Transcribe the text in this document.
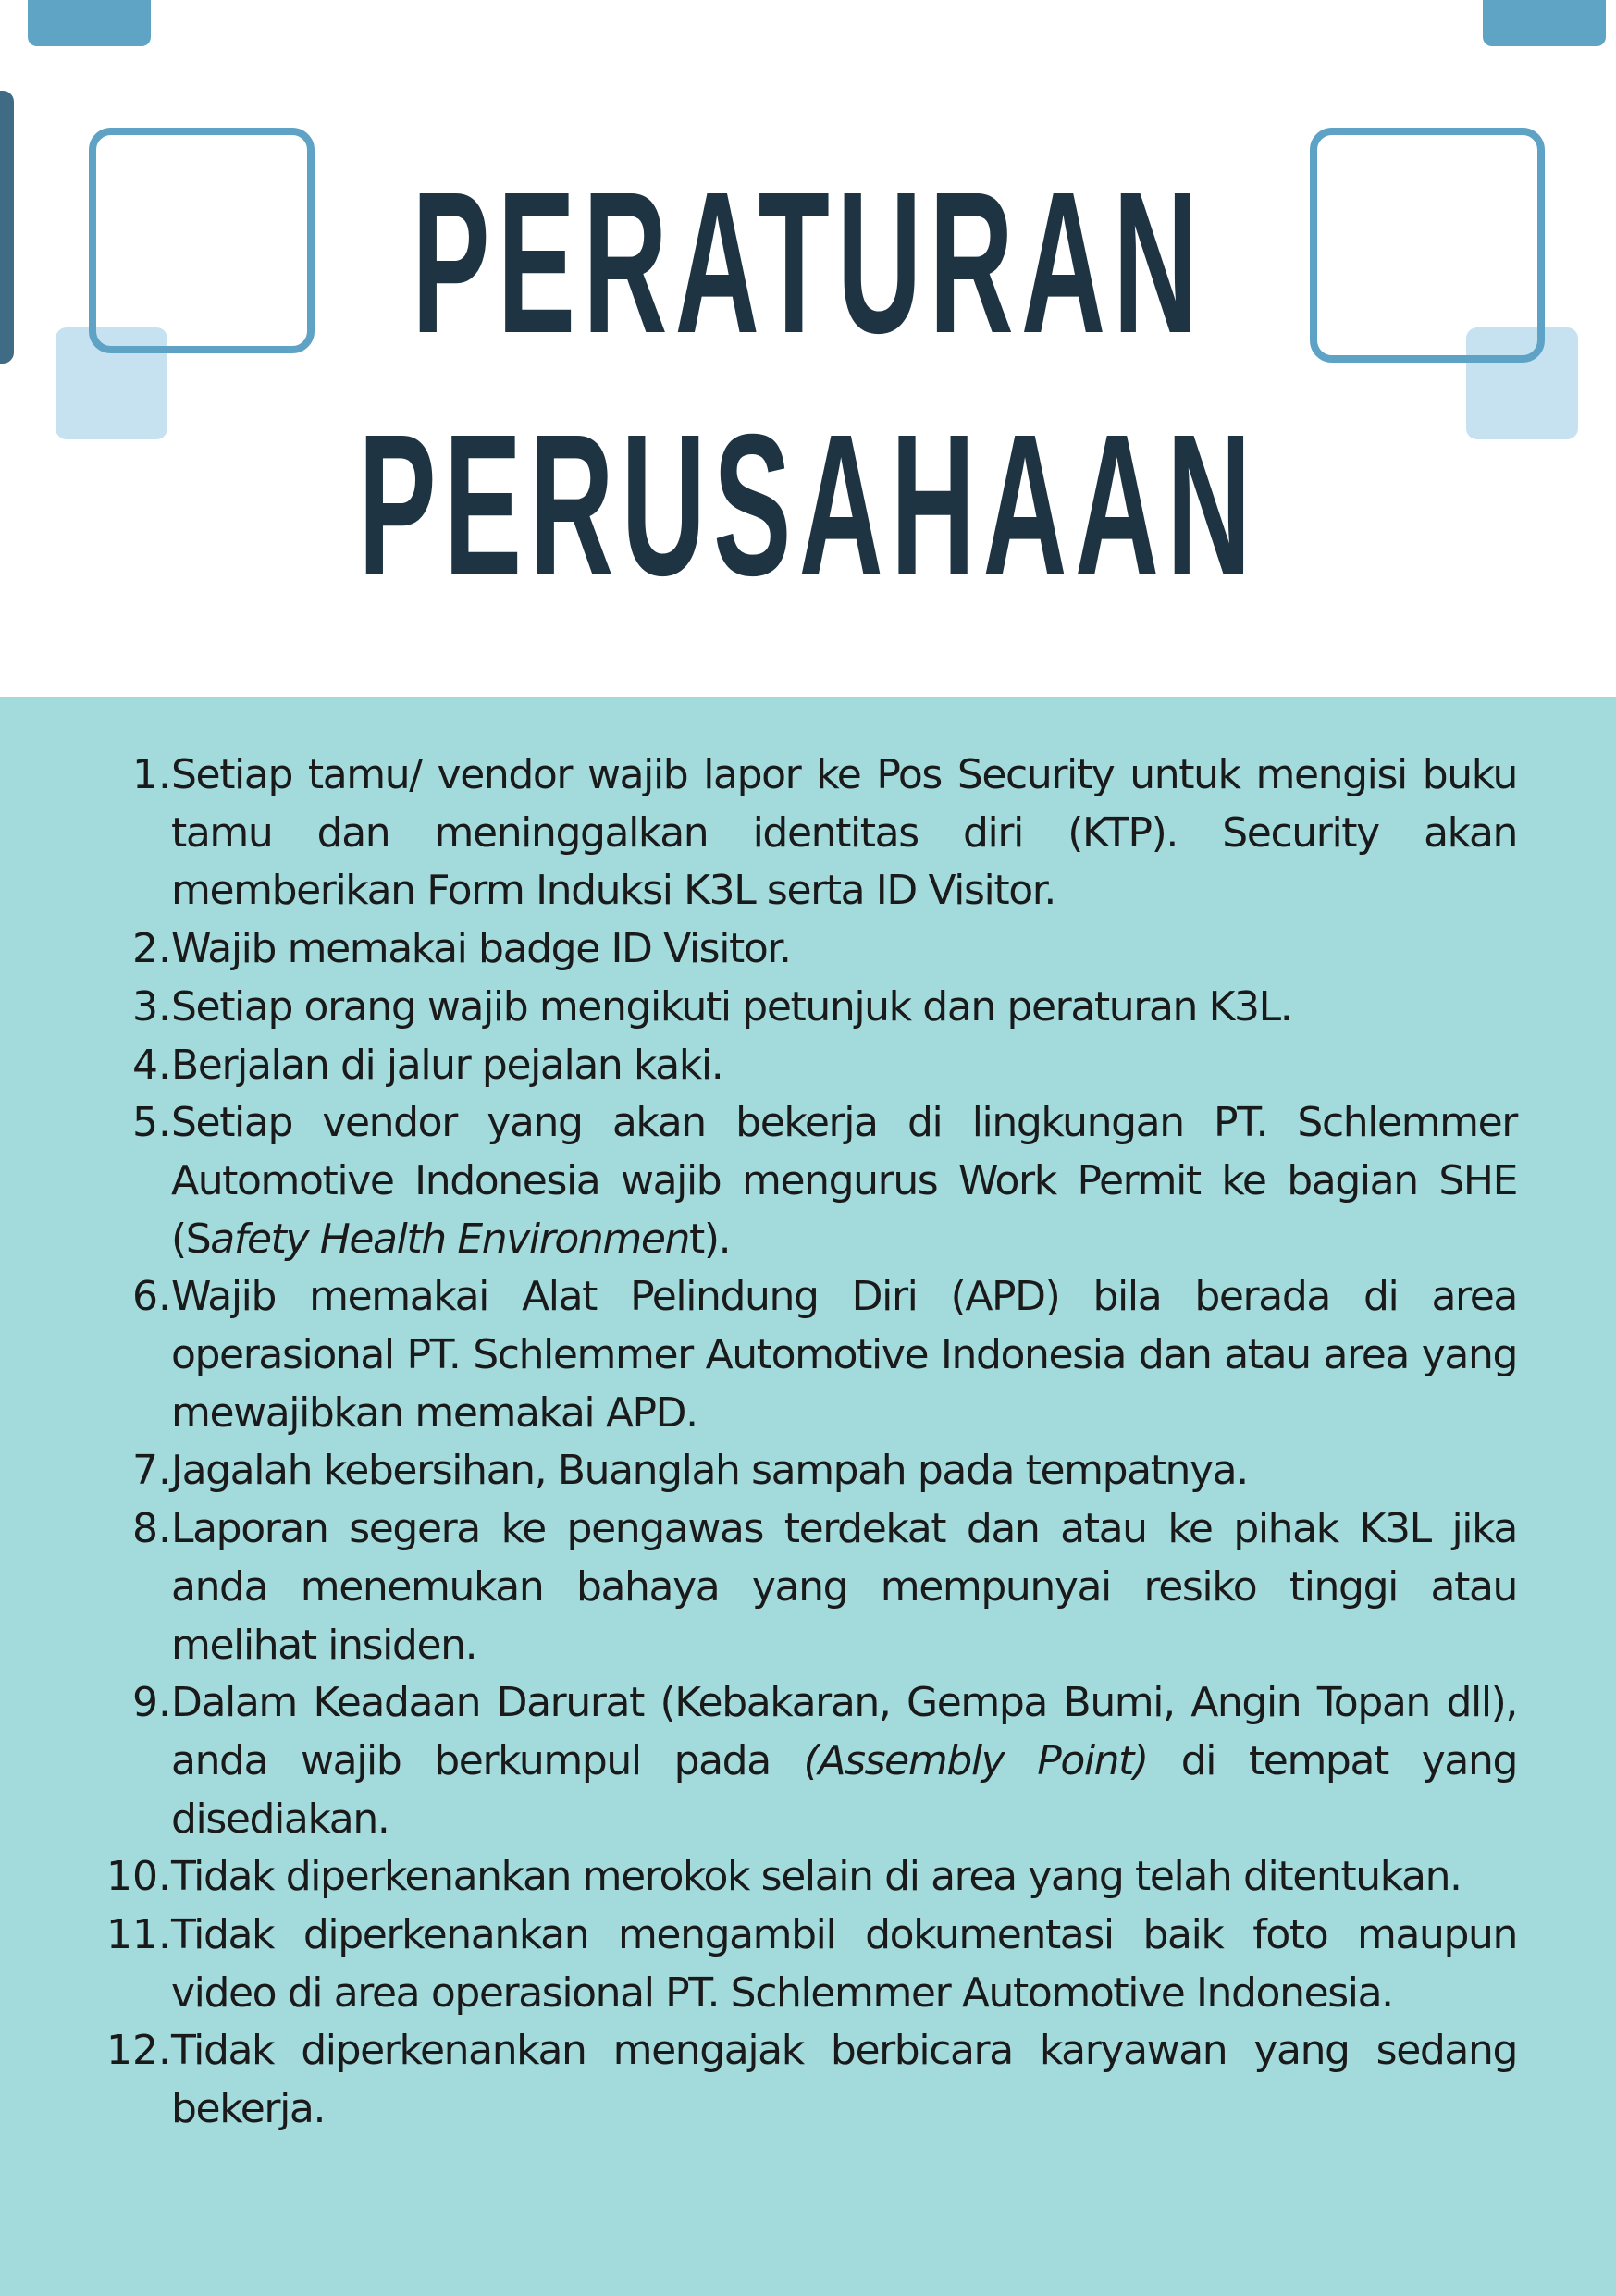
PERATURAN
PERUSAHAAN
1. Setiap tamu/ vendor wajib lapor ke Pos Security untuk mengisi buku tamu dan meninggalkan identitas diri (KTP). Security akan memberikan Form Induksi K3L serta ID Visitor.
2. Wajib memakai badge ID Visitor.
3. Setiap orang wajib mengikuti petunjuk dan peraturan K3L.
4. Berjalan di jalur pejalan kaki.
5. Setiap vendor yang akan bekerja di lingkungan PT. Schlemmer Automotive Indonesia wajib mengurus Work Permit ke bagian SHE (Safety Health Environment).
6. Wajib memakai Alat Pelindung Diri (APD) bila berada di area operasional PT. Schlemmer Automotive Indonesia dan atau area yang mewajibkan memakai APD.
7. Jagalah kebersihan, Buanglah sampah pada tempatnya.
8. Laporan segera ke pengawas terdekat dan atau ke pihak K3L jika anda menemukan bahaya yang mempunyai resiko tinggi atau melihat insiden.
9. Dalam Keadaan Darurat (Kebakaran, Gempa Bumi, Angin Topan dll), anda wajib berkumpul pada (Assembly Point) di tempat yang disediakan.
10. Tidak diperkenankan merokok selain di area yang telah ditentukan.
11. Tidak diperkenankan mengambil dokumentasi baik foto maupun video di area operasional PT. Schlemmer Automotive Indonesia.
12. Tidak diperkenankan mengajak berbicara karyawan yang sedang bekerja.
